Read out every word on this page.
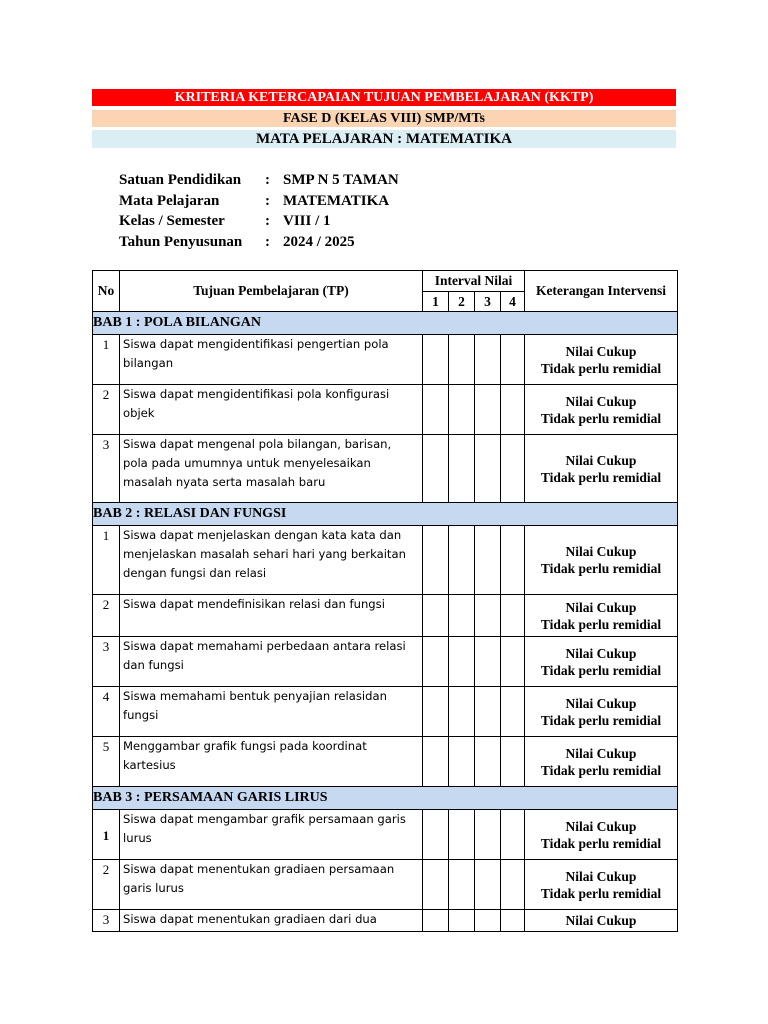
KRITERIA KETERCAPAIAN TUJUAN PEMBELAJARAN (KKTP)
FASE D (KELAS VIII) SMP/MTs
MATA PELAJARAN : MATEMATIKA
Satuan Pendidikan	: SMP N 5 TAMAN
Mata Pelajaran	: MATEMATIKA
Kelas / Semester	: VIII / 1
Tahun Penyusunan	: 2024 / 2025
No	Tujuan Pembelajaran (TP)	Interval Nilai				Keterangan Intervensi
		1	2	3	4	
BAB 1 : POLA BILANGAN						
1	Siswa dapat mengidentifikasi pengertian pola bilangan					Nilai Cukup
Tidak perlu remidial

2	Siswa dapat mengidentifikasi pola konfigurasi objek					Nilai Cukup
Tidak perlu remidial

3	Siswa dapat mengenal pola bilangan, barisan, pola pada umumnya untuk menyelesaikan masalah nyata serta masalah baru					Nilai Cukup
Tidak perlu remidial

BAB 2 : RELASI DAN FUNGSI						
1	Siswa dapat menjelaskan dengan kata kata dan menjelaskan masalah sehari hari yang berkaitan dengan fungsi dan relasi					Nilai Cukup
Tidak perlu remidial

2	Siswa dapat mendefinisikan relasi dan fungsi					Nilai Cukup
Tidak perlu remidial

3	Siswa dapat memahami perbedaan antara relasi dan fungsi					Nilai Cukup
Tidak perlu remidial

4	Siswa memahami bentuk penyajian relasidan fungsi					Nilai Cukup
Tidak perlu remidial

5	Menggambar grafik fungsi pada koordinat kartesius					Nilai Cukup
Tidak perlu remidial

BAB 3 : PERSAMAAN GARIS LIRUS						
1	Siswa dapat mengambar grafik persamaan garis lurus					Nilai Cukup
Tidak perlu remidial

2	Siswa dapat menentukan gradiaen persamaan garis lurus					Nilai Cukup
Tidak perlu remidial

3	Siswa dapat menentukan gradiaen dari dua					Nilai Cukup
